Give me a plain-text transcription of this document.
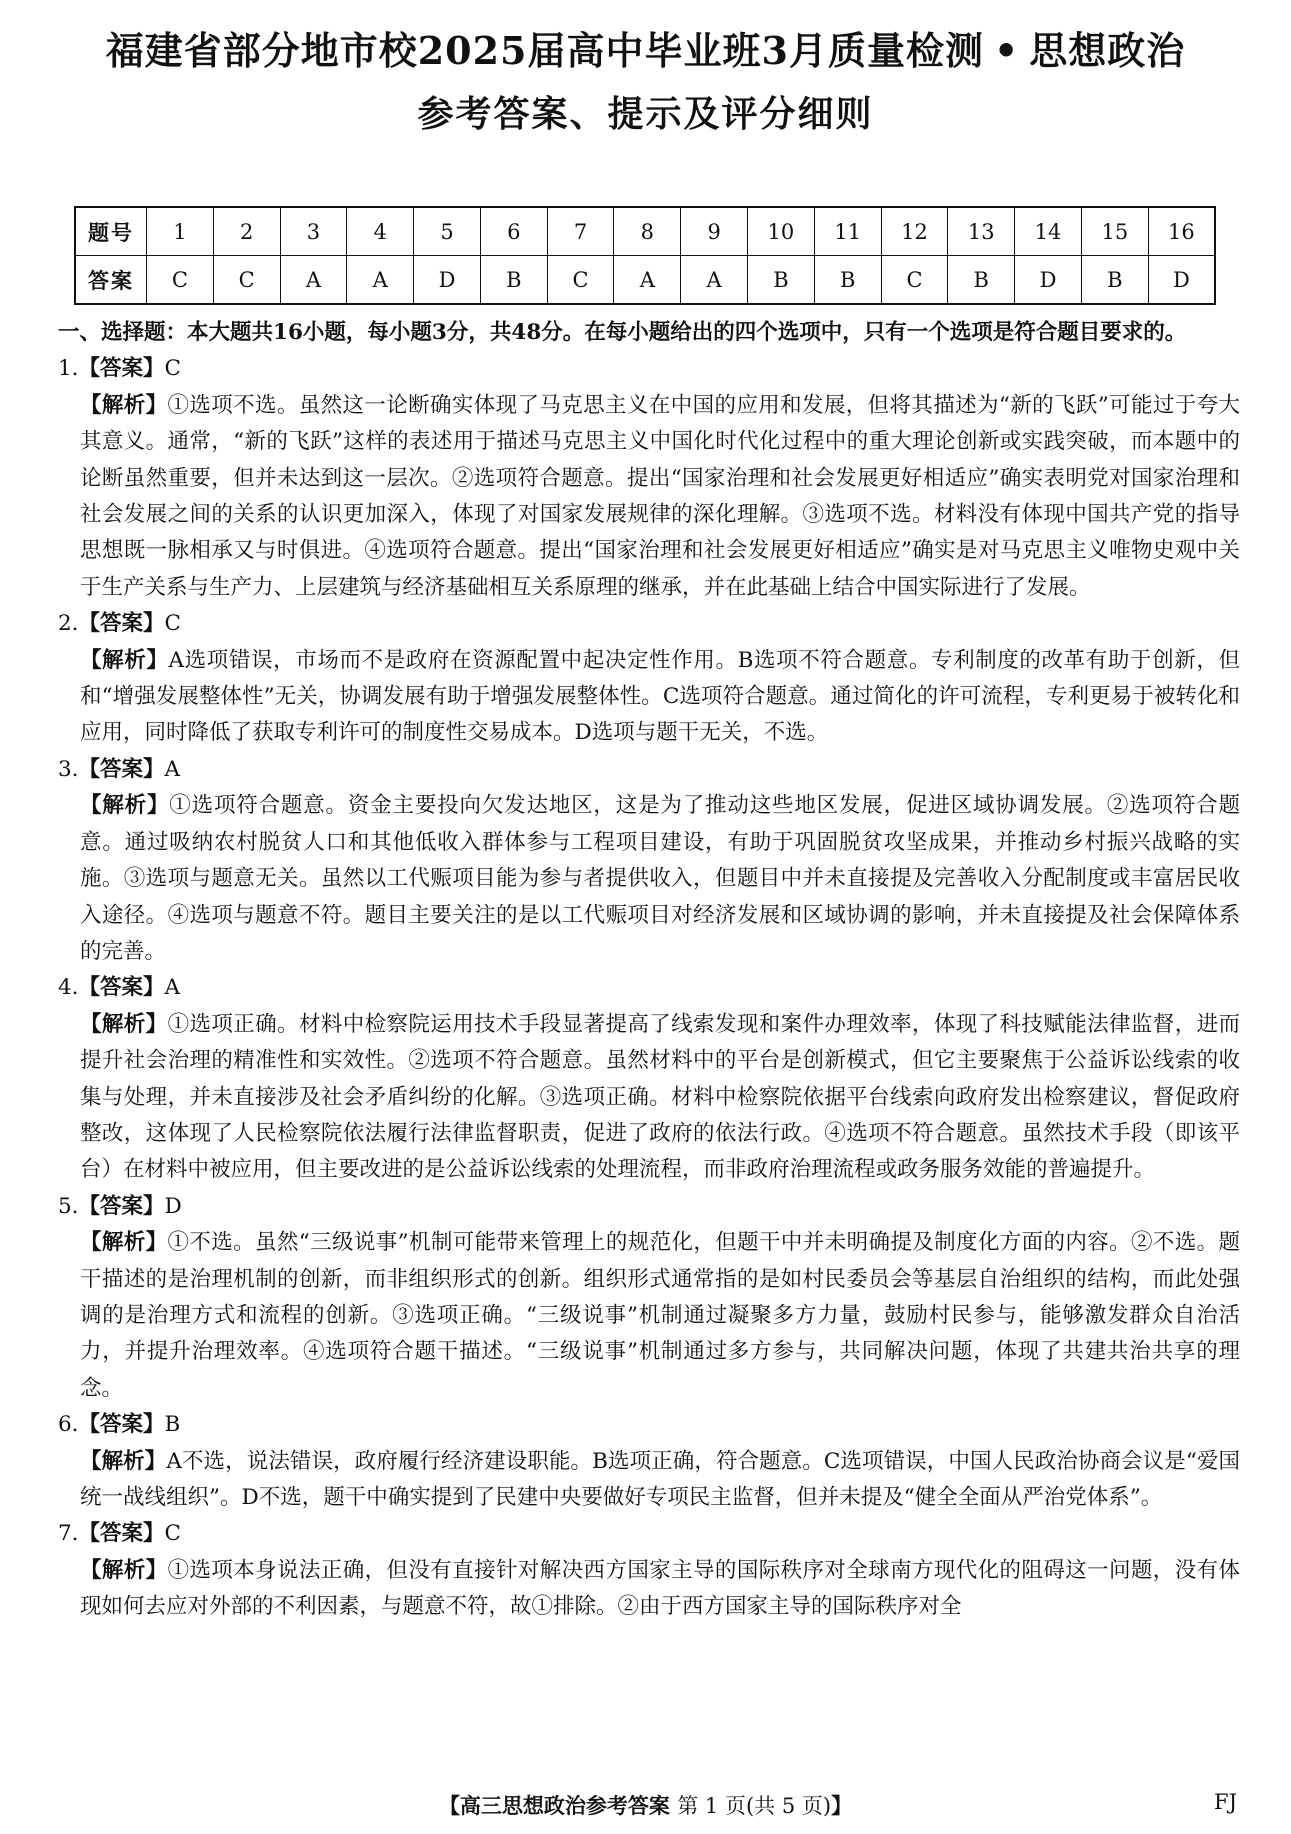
福建省部分地市校2025届高中毕业班3月质量检测 • 思想政治
参考答案、提示及评分细则
题号	1	2	3	4	5	6	7	8	9	10	11	12	13	14	15	16
答案	C	C	A	A	D	B	C	A	A	B	B	C	B	D	B	D

一、选择题：本大题共16小题，每小题3分，共48分。在每小题给出的四个选项中，只有一个选项是符合题目要求的。

1.【答案】C

【解析】①选项不选。虽然这一论断确实体现了马克思主义在中国的应用和发展，但将其描述为“新的飞跃”可能过于夸大其意义。通常，“新的飞跃”这样的表述用于描述马克思主义中国化时代化过程中的重大理论创新或实践突破，而本题中的论断虽然重要，但并未达到这一层次。②选项符合题意。提出“国家治理和社会发展更好相适应”确实表明党对国家治理和社会发展之间的关系的认识更加深入，体现了对国家发展规律的深化理解。③选项不选。材料没有体现中国共产党的指导思想既一脉相承又与时俱进。④选项符合题意。提出“国家治理和社会发展更好相适应”确实是对马克思主义唯物史观中关于生产关系与生产力、上层建筑与经济基础相互关系原理的继承，并在此基础上结合中国实际进行了发展。

2.【答案】C

【解析】A选项错误，市场而不是政府在资源配置中起决定性作用。B选项不符合题意。专利制度的改革有助于创新，但和“增强发展整体性”无关，协调发展有助于增强发展整体性。C选项符合题意。通过简化的许可流程，专利更易于被转化和应用，同时降低了获取专利许可的制度性交易成本。D选项与题干无关，不选。

3.【答案】A

【解析】①选项符合题意。资金主要投向欠发达地区，这是为了推动这些地区发展，促进区域协调发展。②选项符合题意。通过吸纳农村脱贫人口和其他低收入群体参与工程项目建设，有助于巩固脱贫攻坚成果，并推动乡村振兴战略的实施。③选项与题意无关。虽然以工代赈项目能为参与者提供收入，但题目中并未直接提及完善收入分配制度或丰富居民收入途径。④选项与题意不符。题目主要关注的是以工代赈项目对经济发展和区域协调的影响，并未直接提及社会保障体系的完善。

4.【答案】A

【解析】①选项正确。材料中检察院运用技术手段显著提高了线索发现和案件办理效率，体现了科技赋能法律监督，进而提升社会治理的精准性和实效性。②选项不符合题意。虽然材料中的平台是创新模式，但它主要聚焦于公益诉讼线索的收集与处理，并未直接涉及社会矛盾纠纷的化解。③选项正确。材料中检察院依据平台线索向政府发出检察建议，督促政府整改，这体现了人民检察院依法履行法律监督职责，促进了政府的依法行政。④选项不符合题意。虽然技术手段（即该平台）在材料中被应用，但主要改进的是公益诉讼线索的处理流程，而非政府治理流程或政务服务效能的普遍提升。

5.【答案】D

【解析】①不选。虽然“三级说事”机制可能带来管理上的规范化，但题干中并未明确提及制度化方面的内容。②不选。题干描述的是治理机制的创新，而非组织形式的创新。组织形式通常指的是如村民委员会等基层自治组织的结构，而此处强调的是治理方式和流程的创新。③选项正确。“三级说事”机制通过凝聚多方力量，鼓励村民参与，能够激发群众自治活力，并提升治理效率。④选项符合题干描述。“三级说事”机制通过多方参与，共同解决问题，体现了共建共治共享的理念。

6.【答案】B

【解析】A不选，说法错误，政府履行经济建设职能。B选项正确，符合题意。C选项错误，中国人民政治协商会议是“爱国统一战线组织”。D不选，题干中确实提到了民建中央要做好专项民主监督，但并未提及“健全全面从严治党体系”。

7.【答案】C

【解析】①选项本身说法正确，但没有直接针对解决西方国家主导的国际秩序对全球南方现代化的阻碍这一问题，没有体现如何去应对外部的不利因素，与题意不符，故①排除。②由于西方国家主导的国际秩序对全

【高三思想政治参考答案 第 1 页(共 5 页)】	FJ
